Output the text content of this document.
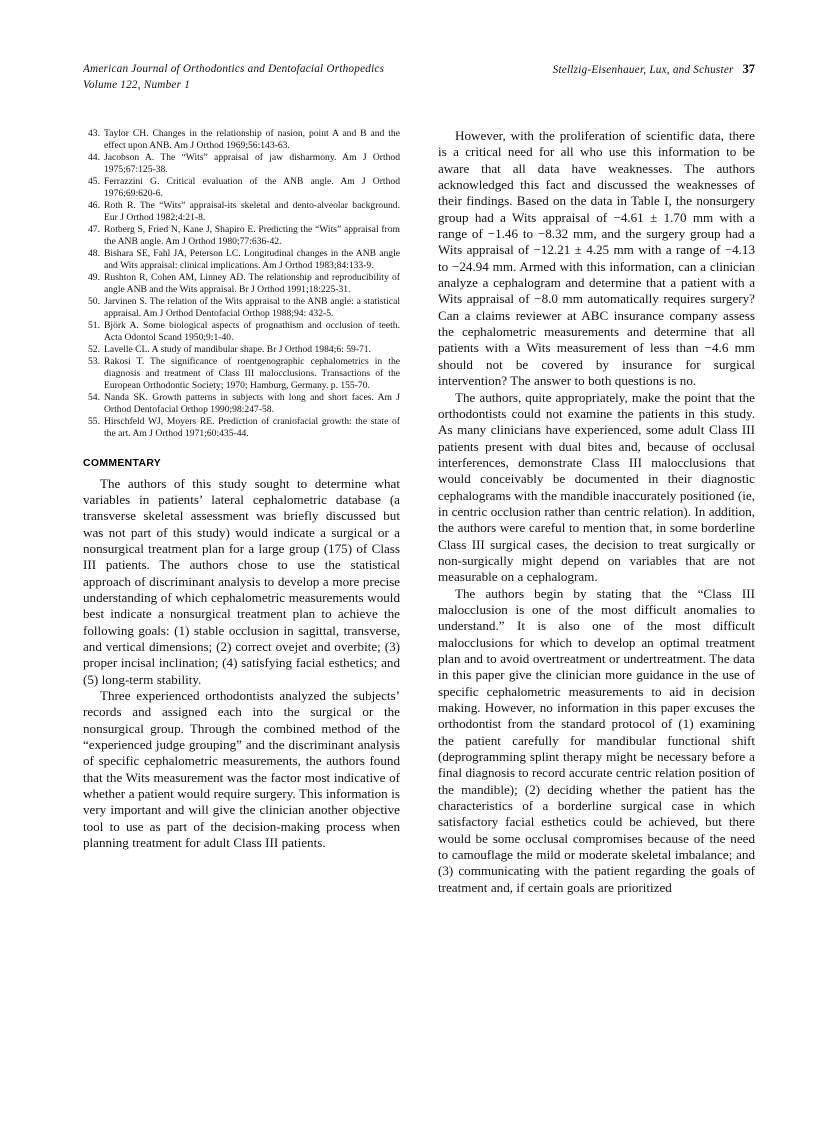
American Journal of Orthodontics and Dentofacial Orthopedics
Volume 122, Number 1
Stellzig-Eisenhauer, Lux, and Schuster 37
43. Taylor CH. Changes in the relationship of nasion, point A and B and the effect upon ANB. Am J Orthod 1969;56:143-63.
44. Jacobson A. The “Wits” appraisal of jaw disharmony. Am J Orthod 1975;67:125-38.
45. Ferrazzini G. Critical evaluation of the ANB angle. Am J Orthod 1976;69:620-6.
46. Roth R. The “Wits” appraisal-its skeletal and dento-alveolar background. Eur J Orthod 1982;4:21-8.
47. Rotberg S, Fried N, Kane J, Shapiro E. Predicting the “Wits” appraisal from the ANB angle. Am J Orthod 1980;77:636-42.
48. Bishara SE, Fahl JA, Peterson LC. Longitudinal changes in the ANB angle and Wits appraisal: clinical implications. Am J Orthod 1983;84:133-9.
49. Rushton R, Cohen AM, Linney AD. The relationship and reproducibility of angle ANB and the Wits appraisal. Br J Orthod 1991;18:225-31.
50. Jarvinen S. The relation of the Wits appraisal to the ANB angle: a statistical appraisal. Am J Orthod Dentofacial Orthop 1988;94: 432-5.
51. Björk A. Some biological aspects of prognathism and occlusion of teeth. Acta Odontol Scand 1950;9:1-40.
52. Lavelle CL. A study of mandibular shape. Br J Orthod 1984;6: 59-71.
53. Rakosi T. The significance of roentgenographic cephalometrics in the diagnosis and treatment of Class III malocclusions. Transactions of the European Orthodontic Society; 1970; Hamburg, Germany. p. 155-70.
54. Nanda SK. Growth patterns in subjects with long and short faces. Am J Orthod Dentofacial Orthop 1990;98:247-58.
55. Hirschfeld WJ, Moyers RE. Prediction of craniofacial growth: the state of the art. Am J Orthod 1971;60:435-44.
COMMENTARY

The authors of this study sought to determine what variables in patients’ lateral cephalometric database (a transverse skeletal assessment was briefly discussed but was not part of this study) would indicate a surgical or a nonsurgical treatment plan for a large group (175) of Class III patients. The authors chose to use the statistical approach of discriminant analysis to develop a more precise understanding of which cephalometric measurements would best indicate a nonsurgical treatment plan to achieve the following goals: (1) stable occlusion in sagittal, transverse, and vertical dimensions; (2) correct ovejet and overbite; (3) proper incisal inclination; (4) satisfying facial esthetics; and (5) long-term stability.

Three experienced orthodontists analyzed the subjects’ records and assigned each into the surgical or the nonsurgical group. Through the combined method of the “experienced judge grouping” and the discriminant analysis of specific cephalometric measurements, the authors found that the Wits measurement was the factor most indicative of whether a patient would require surgery. This information is very important and will give the clinician another objective tool to use as part of the decision-making process when planning treatment for adult Class III patients.

However, with the proliferation of scientific data, there is a critical need for all who use this information to be aware that all data have weaknesses. The authors acknowledged this fact and discussed the weaknesses of their findings. Based on the data in Table I, the nonsurgery group had a Wits appraisal of −4.61 ± 1.70 mm with a range of −1.46 to −8.32 mm, and the surgery group had a Wits appraisal of −12.21 ± 4.25 mm with a range of −4.13 to −24.94 mm. Armed with this information, can a clinician analyze a cephalogram and determine that a patient with a Wits appraisal of −8.0 mm automatically requires surgery? Can a claims reviewer at ABC insurance company assess the cephalometric measurements and determine that all patients with a Wits measurement of less than −4.6 mm should not be covered by insurance for surgical intervention? The answer to both questions is no.

The authors, quite appropriately, make the point that the orthodontists could not examine the patients in this study. As many clinicians have experienced, some adult Class III patients present with dual bites and, because of occlusal interferences, demonstrate Class III malocclusions that would conceivably be documented in their diagnostic cephalograms with the mandible inaccurately positioned (ie, in centric occlusion rather than centric relation). In addition, the authors were careful to mention that, in some borderline Class III surgical cases, the decision to treat surgically or non-surgically might depend on variables that are not measurable on a cephalogram.

The authors begin by stating that the “Class III malocclusion is one of the most difficult anomalies to understand.” It is also one of the most difficult malocclusions for which to develop an optimal treatment plan and to avoid overtreatment or undertreatment. The data in this paper give the clinician more guidance in the use of specific cephalometric measurements to aid in decision making. However, no information in this paper excuses the orthodontist from the standard protocol of (1) examining the patient carefully for mandibular functional shift (deprogramming splint therapy might be necessary before a final diagnosis to record accurate centric relation position of the mandible); (2) deciding whether the patient has the characteristics of a borderline surgical case in which satisfactory facial esthetics could be achieved, but there would be some occlusal compromises because of the need to camouflage the mild or moderate skeletal imbalance; and (3) communicating with the patient regarding the goals of treatment and, if certain goals are prioritized
